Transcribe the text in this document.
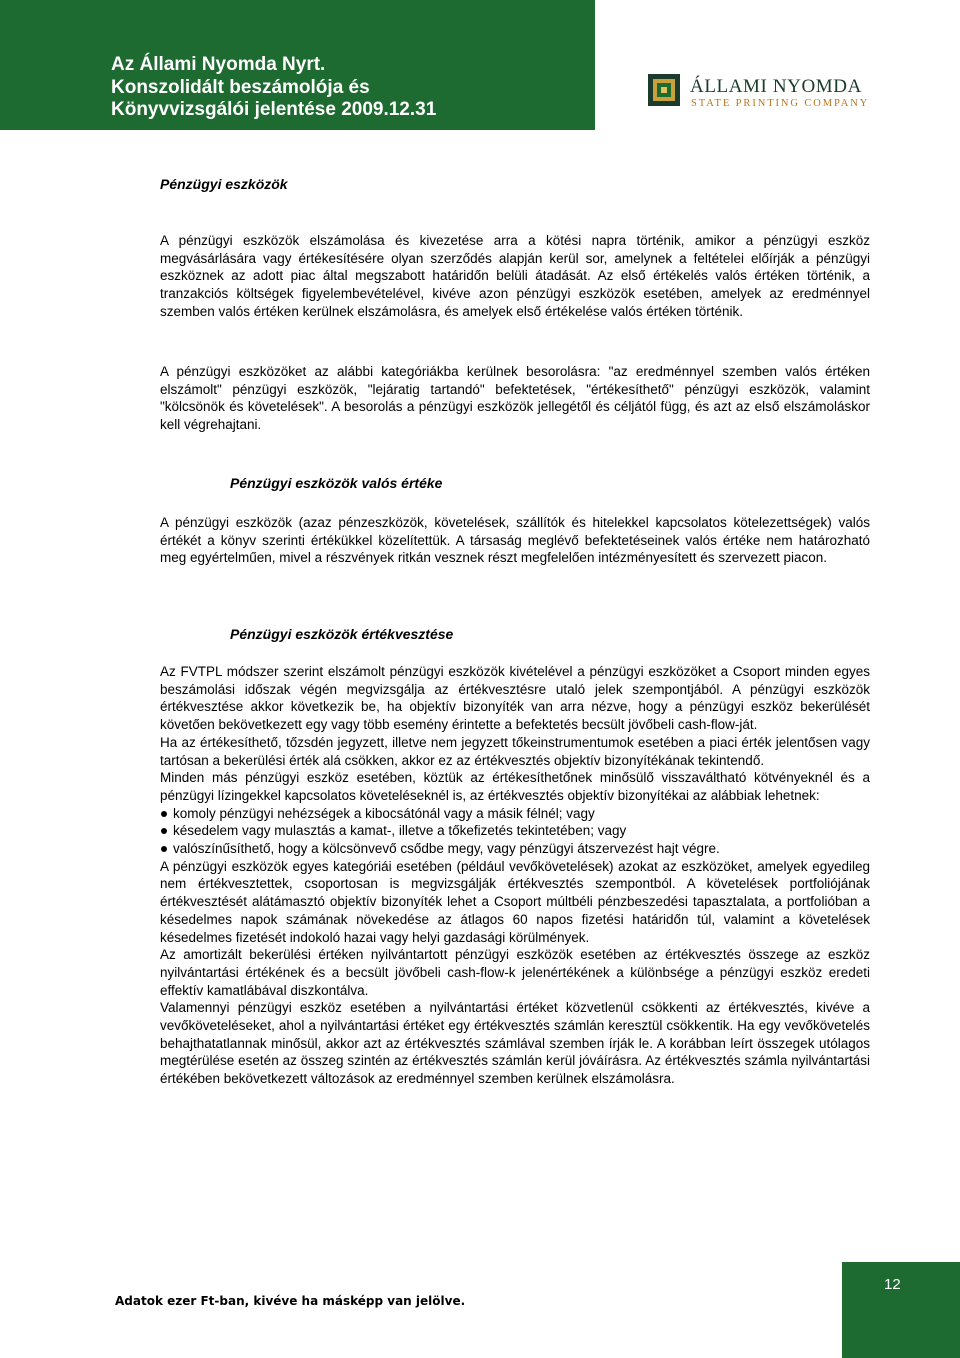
Az Állami Nyomda Nyrt.
Konszolidált beszámolója és
Könyvvizsgálói jelentése 2009.12.31
ÁLLAMI NYOMDA
STATE PRINTING COMPANY
Pénzügyi eszközök

A pénzügyi eszközök elszámolása és kivezetése arra a kötési napra történik, amikor a pénzügyi eszköz megvásárlására vagy értékesítésére olyan szerződés alapján kerül sor, amelynek a feltételei előírják a pénzügyi eszköznek az adott piac által megszabott határidőn belüli átadását. Az első értékelés valós értéken történik, a tranzakciós költségek figyelembevételével, kivéve azon pénzügyi eszközök esetében, amelyek az eredménnyel szemben valós értéken kerülnek elszámolásra, és amelyek első értékelése valós értéken történik.

A pénzügyi eszközöket az alábbi kategóriákba kerülnek besorolásra: "az eredménnyel szemben valós értéken elszámolt" pénzügyi eszközök, "lejáratig tartandó" befektetések, "értékesíthető" pénzügyi eszközök, valamint "kölcsönök és követelések". A besorolás a pénzügyi eszközök jellegétől és céljától függ, és azt az első elszámoláskor kell végrehajtani.

Pénzügyi eszközök valós értéke

A pénzügyi eszközök (azaz pénzeszközök, követelések, szállítók és hitelekkel kapcsolatos kötelezettségek) valós értékét a könyv szerinti értékükkel közelítettük. A társaság meglévő befektetéseinek valós értéke nem határozható meg egyértelműen, mivel a részvények ritkán vesznek részt megfelelően intézményesített és szervezett piacon.

Pénzügyi eszközök értékvesztése

Az FVTPL módszer szerint elszámolt pénzügyi eszközök kivételével a pénzügyi eszközöket a Csoport minden egyes beszámolási időszak végén megvizsgálja az értékvesztésre utaló jelek szempontjából. A pénzügyi eszközök értékvesztése akkor következik be, ha objektív bizonyíték van arra nézve, hogy a pénzügyi eszköz bekerülését követően bekövetkezett egy vagy több esemény érintette a befektetés becsült jövőbeli cash-flow-ját.

Ha az értékesíthető, tőzsdén jegyzett, illetve nem jegyzett tőkeinstrumentumok esetében a piaci érték jelentősen vagy tartósan a bekerülési érték alá csökken, akkor ez az értékvesztés objektív bizonyítékának tekintendő.

Minden más pénzügyi eszköz esetében, köztük az értékesíthetőnek minősülő visszaváltható kötvényeknél és a pénzügyi lízingekkel kapcsolatos követeléseknél is, az értékvesztés objektív bizonyítékai az alábbiak lehetnek:

komoly pénzügyi nehézségek a kibocsátónál vagy a másik félnél; vagy
késedelem vagy mulasztás a kamat-, illetve a tőkefizetés tekintetében; vagy
valószínűsíthető, hogy a kölcsönvevő csődbe megy, vagy pénzügyi átszervezést hajt végre.

A pénzügyi eszközök egyes kategóriái esetében (például vevőkövetelések) azokat az eszközöket, amelyek egyedileg nem értékvesztettek, csoportosan is megvizsgálják értékvesztés szempontból. A követelések portfoliójának értékvesztését alátámasztó objektív bizonyíték lehet a Csoport múltbéli pénzbeszedési tapasztalata, a portfolióban a késedelmes napok számának növekedése az átlagos 60 napos fizetési határidőn túl, valamint a követelések késedelmes fizetését indokoló hazai vagy helyi gazdasági körülmények.

Az amortizált bekerülési értéken nyilvántartott pénzügyi eszközök esetében az értékvesztés összege az eszköz nyilvántartási értékének és a becsült jövőbeli cash-flow-k jelenértékének a különbsége a pénzügyi eszköz eredeti effektív kamatlábával diszkontálva.

Valamennyi pénzügyi eszköz esetében a nyilvántartási értéket közvetlenül csökkenti az értékvesztés, kivéve a vevőköveteléseket, ahol a nyilvántartási értéket egy értékvesztés számlán keresztül csökkentik. Ha egy vevőkövetelés behajthatatlannak minősül, akkor azt az értékvesztés számlával szemben írják le. A korábban leírt összegek utólagos megtérülése esetén az összeg szintén az értékvesztés számlán kerül jóváírásra. Az értékvesztés számla nyilvántartási értékében bekövetkezett változások az eredménnyel szemben kerülnek elszámolásra.

Adatok ezer Ft-ban, kivéve ha másképp van jelölve.
12
